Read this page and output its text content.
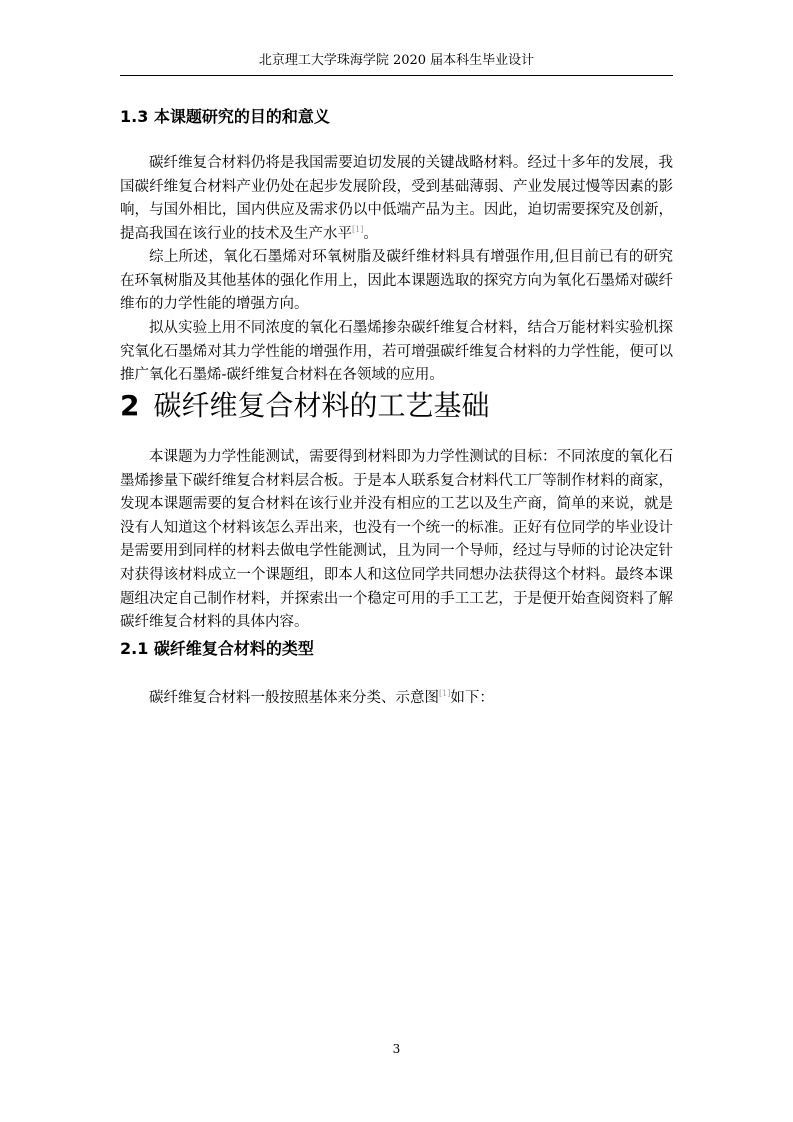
北京理工大学珠海学院 2020 届本科生毕业设计
1.3 本课题研究的目的和意义

碳纤维复合材料仍将是我国需要迫切发展的关键战略材料。经过十多年的发展，我国碳纤维复合材料产业仍处在起步发展阶段，受到基础薄弱、产业发展过慢等因素的影响，与国外相比，国内供应及需求仍以中低端产品为主。因此，迫切需要探究及创新，提高我国在该行业的技术及生产水平[1]。

综上所述，氧化石墨烯对环氧树脂及碳纤维材料具有增强作用,但目前已有的研究在环氧树脂及其他基体的强化作用上，因此本课题选取的探究方向为氧化石墨烯对碳纤维布的力学性能的增强方向。

拟从实验上用不同浓度的氧化石墨烯掺杂碳纤维复合材料，结合万能材料实验机探究氧化石墨烯对其力学性能的增强作用，若可增强碳纤维复合材料的力学性能，便可以推广氧化石墨烯-碳纤维复合材料在各领域的应用。

2 碳纤维复合材料的工艺基础

本课题为力学性能测试，需要得到材料即为力学性测试的目标：不同浓度的氧化石墨烯掺量下碳纤维复合材料层合板。于是本人联系复合材料代工厂等制作材料的商家，发现本课题需要的复合材料在该行业并没有相应的工艺以及生产商，简单的来说，就是没有人知道这个材料该怎么弄出来，也没有一个统一的标准。正好有位同学的毕业设计是需要用到同样的材料去做电学性能测试，且为同一个导师，经过与导师的讨论决定针对获得该材料成立一个课题组，即本人和这位同学共同想办法获得这个材料。最终本课题组决定自己制作材料，并探索出一个稳定可用的手工工艺，于是便开始查阅资料了解碳纤维复合材料的具体内容。

2.1 碳纤维复合材料的类型

碳纤维复合材料一般按照基体来分类、示意图[1]如下：

3
